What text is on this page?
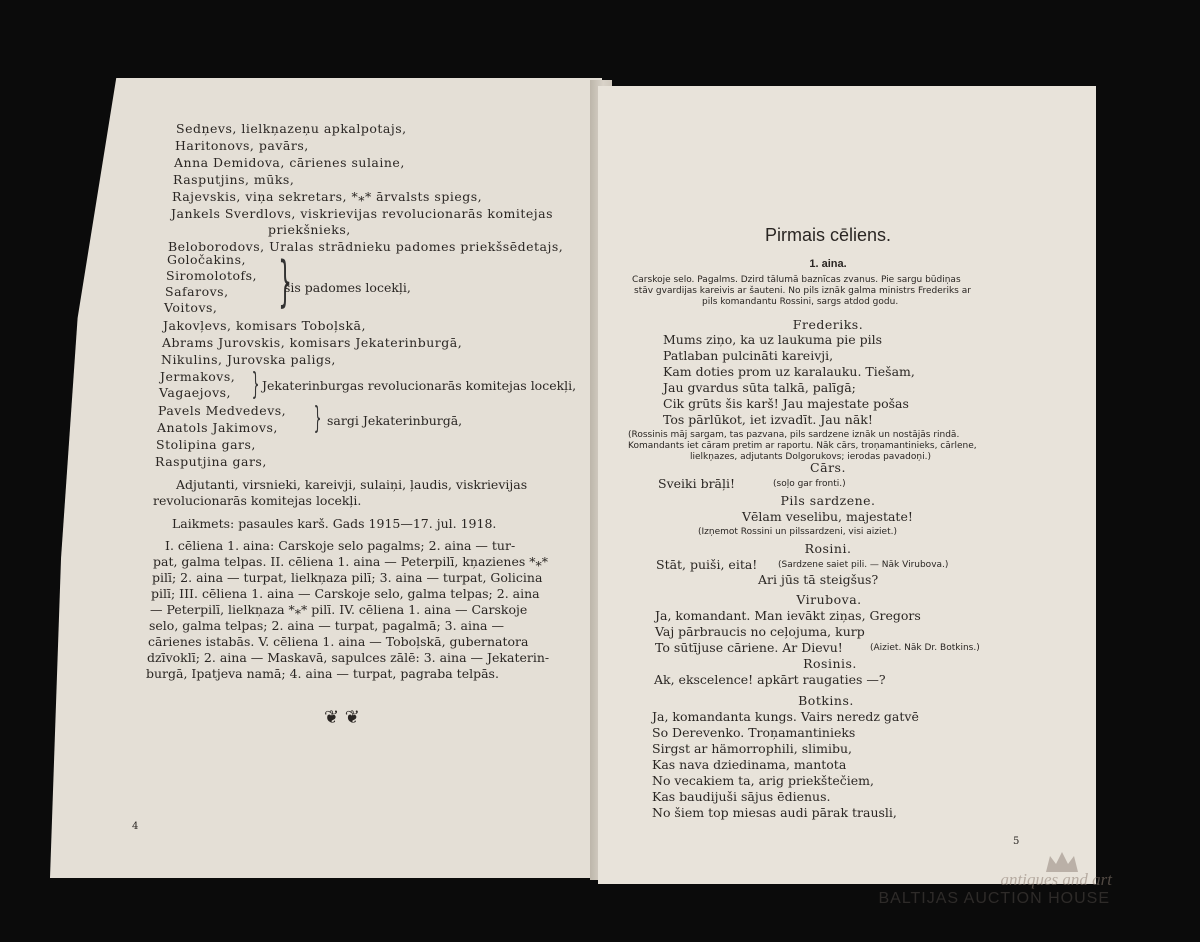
Sedņevs, lielkņazeņu apkalpotajs,
Haritonovs, pavārs,
Anna Demidova, cārienes sulaine,
Rasputjins, mūks,
Rajevskis, viņa sekretars, *⁎* ārvalsts spiegs,
Jankels Sverdlovs, viskrievijas revolucionarās komitejas
priekšnieks,
Beloborodovs, Uralas strādnieku padomes priekšsēdetajs,
Goločakins,
Siromolotofs,
Safarovs,
Voitovs, }
šis padomes locekļi,
Jakovļevs, komisars Toboļskā,
Abrams Jurovskis, komisars Jekaterinburgā,
Nikulins, Jurovska paligs,
Jermakovs,
Vagaejovs, } Jekaterinburgas revolucionarās komitejas locekļi,
Pavels Medvedevs,
Anatols Jakimovs, } sargi Jekaterinburgā,
Stolipina gars,
Rasputjina gars,
Adjutanti, virsnieki, kareivji, sulaiņi, ļaudis, viskrievijas
revolucionarās komitejas locekļi.
Laikmets: pasaules karš. Gads 1915—17. jul. 1918.
I. cēliena 1. aina: Carskoje selo pagalms; 2. aina — tur-
pat, galma telpas. II. cēliena 1. aina — Peterpilī, kņazienes *⁎*
pilī; 2. aina — turpat, lielkņaza pilī; 3. aina — turpat, Golicina
pilī; III. cēliena 1. aina — Carskoje selo, galma telpas; 2. aina
— Peterpilī, lielkņaza *⁎* pilī. IV. cēliena 1. aina — Carskoje
selo, galma telpas; 2. aina — turpat, pagalmā; 3. aina —
cārienes istabās. V. cēliena 1. aina — Toboļskā, gubernatora
dzīvoklī; 2. aina — Maskavā, sapulces zālē: 3. aina — Jekaterin-
burgā, Ipatjeva namā; 4. aina — turpat, pagraba telpās.
❦ ❦
4
Pirmais cēliens.
1. aina.
Carskoje selo. Pagalms. Dzird tālumā baznīcas zvanus. Pie sargu būdiņas
stāv gvardijas kareivis ar šauteni. No pils iznāk galma ministrs Frederiks ar
pils komandantu Rossini, sargs atdod godu.
Frederiks.
Mums ziņo, ka uz laukuma pie pils
Patlaban pulcināti kareivji,
Kam doties prom uz karalauku. Tiešam,
Jau gvardus sūta talkā, palīgā;
Cik grūts šis karš! Jau majestate pošas
Tos pārlūkot, iet izvadīt. Jau nāk!
(Rossinis māj sargam, tas pazvana, pils sardzene iznāk un nostājās rindā.
Komandants iet cāram pretim ar raportu. Nāk cārs, troņamantinieks, cārlene,
lielkņazes, adjutants Dolgorukovs; ierodas pavadoņi.)
Cārs.
Sveiki brāļi!	(soļo gar fronti.)
Pils sardzene.
Vēlam veselibu, majestate!
(Izņemot Rossini un pilssardzeni, visi aiziet.)
Rosini.
Stāt, puiši, eita! (Sardzene saiet pili. — Nāk Virubova.)
Ari jūs tā steigšus?
Virubova.
Ja, komandant. Man ievākt ziņas, Gregors
Vaj pārbraucis no ceļojuma, kurp
To sūtījuse cāriene. Ar Dievu!	(Aiziet. Nāk Dr. Botkins.)
Rosinis.
Ak, ekscelence! apkārt raugaties —?
Botkins.
Ja, komandanta kungs. Vairs neredz gatvē
So Derevenko. Troņamantinieks
Sirgst ar hämorrophili, slimibu,
Kas nava dziedinama, mantota
No vecakiem ta, arig priekštečiem,
Kas baudijuši sājus ēdienus.
No šiem top miesas audi pārak trausli,
5
antiques and art
BALTIJAS AUCTION HOUSE
